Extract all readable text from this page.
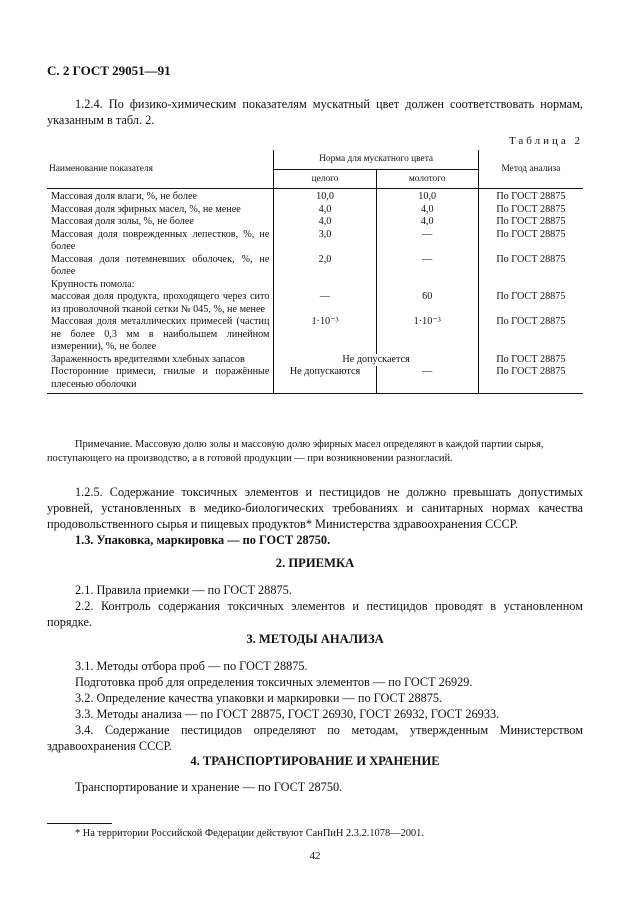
С. 2 ГОСТ 29051—91
1.2.4. По физико-химическим показателям мускатный цвет должен соответствовать нормам, указанным в табл. 2.
Таблица 2
Наименование показателя	Норма для мускатного цвета		Метод анализа
	целого	молотого	
Массовая доля влаги, %, не более	10,0	10,0	По ГОСТ 28875
Массовая доля эфирных масел, %, не менее	4,0	4,0	По ГОСТ 28875
Массовая доля золы, %, не более	4,0	4,0	По ГОСТ 28875
Массовая доля поврежденных лепестков, %, не более	3,0	—	По ГОСТ 28875
Массовая доля потемневших оболочек, %, не более	2,0	—	По ГОСТ 28875
Крупность помола:			
массовая доля продукта, проходящего через сито из проволочной тканой сетки № 045, %, не менее	—	60	По ГОСТ 28875
Массовая доля металлических примесей (частиц не более 0,3 мм в наибольшем линейном измерении), %, не более	1·10⁻³	1·10⁻³	По ГОСТ 28875
Зараженность вредителями хлебных запасов	Не допускается		По ГОСТ 28875
Посторонние примеси, гнилые и поражённые плесенью оболочки	Не допускаются	—	По ГОСТ 28875
Примечание. Массовую долю золы и массовую долю эфирных масел определяют в каждой партии сырья, поступающего на производство, а в готовой продукции — при возникновении разногласий.
1.2.5. Содержание токсичных элементов и пестицидов не должно превышать допустимых уровней, установленных в медико-биологических требованиях и санитарных нормах качества продовольственного сырья и пищевых продуктов* Министерства здравоохранения СССР.
1.3. Упаковка, маркировка — по ГОСТ 28750.
2. ПРИЕМКА
2.1. Правила приемки — по ГОСТ 28875.
2.2. Контроль содержания токсичных элементов и пестицидов проводят в установленном порядке.
3. МЕТОДЫ АНАЛИЗА
3.1. Методы отбора проб — по ГОСТ 28875.
Подготовка проб для определения токсичных элементов — по ГОСТ 26929.
3.2. Определение качества упаковки и маркировки — по ГОСТ 28875.
3.3. Методы анализа — по ГОСТ 28875, ГОСТ 26930, ГОСТ 26932, ГОСТ 26933.
3.4. Содержание пестицидов определяют по методам, утвержденным Министерством здравоохранения СССР.
4. ТРАНСПОРТИРОВАНИЕ И ХРАНЕНИЕ
Транспортирование и хранение — по ГОСТ 28750.
* На территории Российской Федерации действуют СанПиН 2.3.2.1078—2001.
42
